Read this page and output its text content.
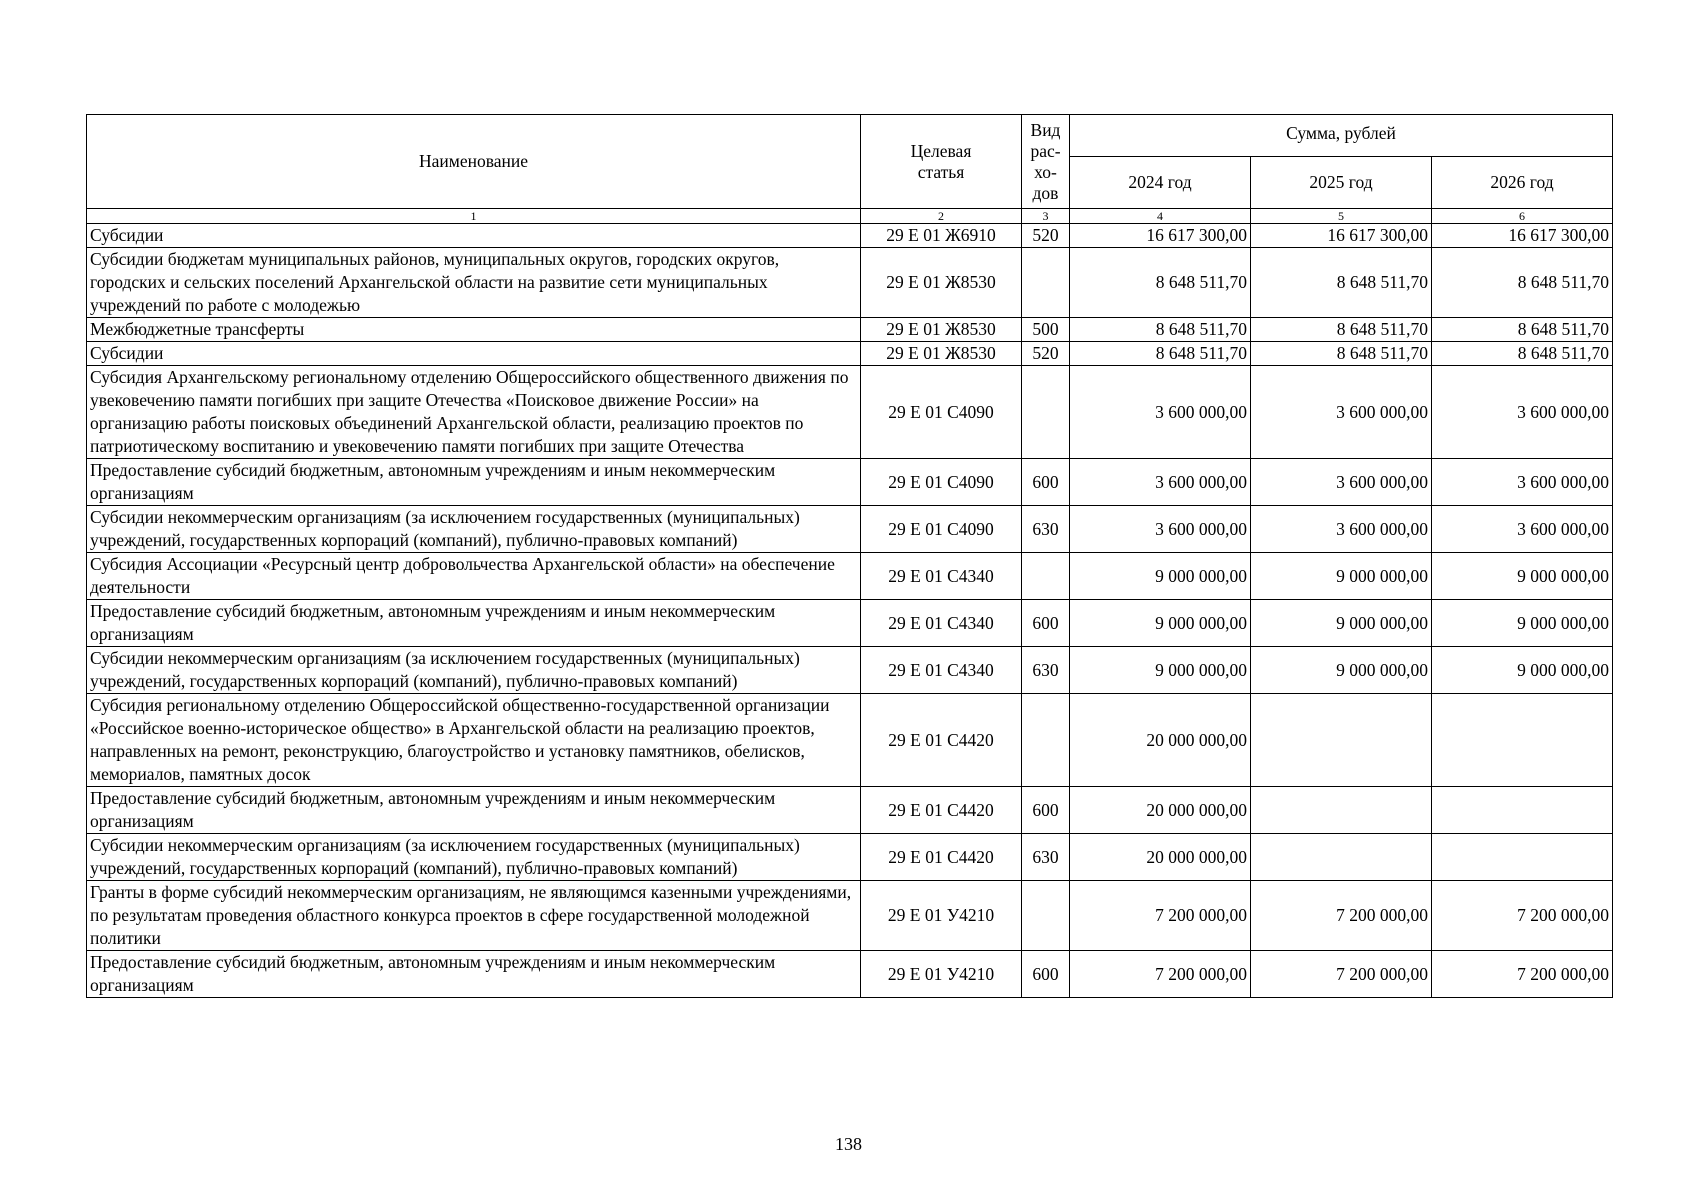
Наименование	Целевая статья	Вид
рас-
хо-
дов	Сумма, рублей		
			2024 год	2025 год	2026 год
1	2	3	4	5	6
Субсидии	29 Е 01 Ж6910	520	16 617 300,00	16 617 300,00	16 617 300,00
Субсидии бюджетам муниципальных районов, муниципальных округов, городских округов, городских и сельских поселений Архангельской области на развитие сети муниципальных учреждений по работе с молодежью	29 Е 01 Ж8530		8 648 511,70	8 648 511,70	8 648 511,70
Межбюджетные трансферты	29 Е 01 Ж8530	500	8 648 511,70	8 648 511,70	8 648 511,70
Субсидии	29 Е 01 Ж8530	520	8 648 511,70	8 648 511,70	8 648 511,70
Субсидия Архангельскому региональному отделению Общероссийского общественного движения по увековечению памяти погибших при защите Отечества «Поисковое движение России» на организацию работы поисковых объединений Архангельской области, реализацию проектов по патриотическому воспитанию и увековечению памяти погибших при защите Отечества	29 Е 01 С4090		3 600 000,00	3 600 000,00	3 600 000,00
Предоставление субсидий бюджетным, автономным учреждениям и иным некоммерческим организациям	29 Е 01 С4090	600	3 600 000,00	3 600 000,00	3 600 000,00
Субсидии некоммерческим организациям (за исключением государственных (муниципальных) учреждений, государственных корпораций (компаний), публично-правовых компаний)	29 Е 01 С4090	630	3 600 000,00	3 600 000,00	3 600 000,00
Субсидия Ассоциации «Ресурсный центр добровольчества Архангельской области» на обеспечение деятельности	29 Е 01 С4340		9 000 000,00	9 000 000,00	9 000 000,00
Предоставление субсидий бюджетным, автономным учреждениям и иным некоммерческим организациям	29 Е 01 С4340	600	9 000 000,00	9 000 000,00	9 000 000,00
Субсидии некоммерческим организациям (за исключением государственных (муниципальных) учреждений, государственных корпораций (компаний), публично-правовых компаний)	29 Е 01 С4340	630	9 000 000,00	9 000 000,00	9 000 000,00
Субсидия региональному отделению Общероссийской общественно-государственной организации «Российское военно-историческое общество» в Архангельской области на реализацию проектов, направленных на ремонт, реконструкцию, благоустройство и установку памятников, обелисков, мемориалов, памятных досок	29 Е 01 С4420		20 000 000,00		
Предоставление субсидий бюджетным, автономным учреждениям и иным некоммерческим организациям	29 Е 01 С4420	600	20 000 000,00		
Субсидии некоммерческим организациям (за исключением государственных (муниципальных) учреждений, государственных корпораций (компаний), публично-правовых компаний)	29 Е 01 С4420	630	20 000 000,00		
Гранты в форме субсидий некоммерческим организациям, не являющимся казенными учреждениями, по результатам проведения областного конкурса проектов в сфере государственной молодежной политики	29 Е 01 У4210		7 200 000,00	7 200 000,00	7 200 000,00
Предоставление субсидий бюджетным, автономным учреждениям и иным некоммерческим организациям	29 Е 01 У4210	600	7 200 000,00	7 200 000,00	7 200 000,00
138
